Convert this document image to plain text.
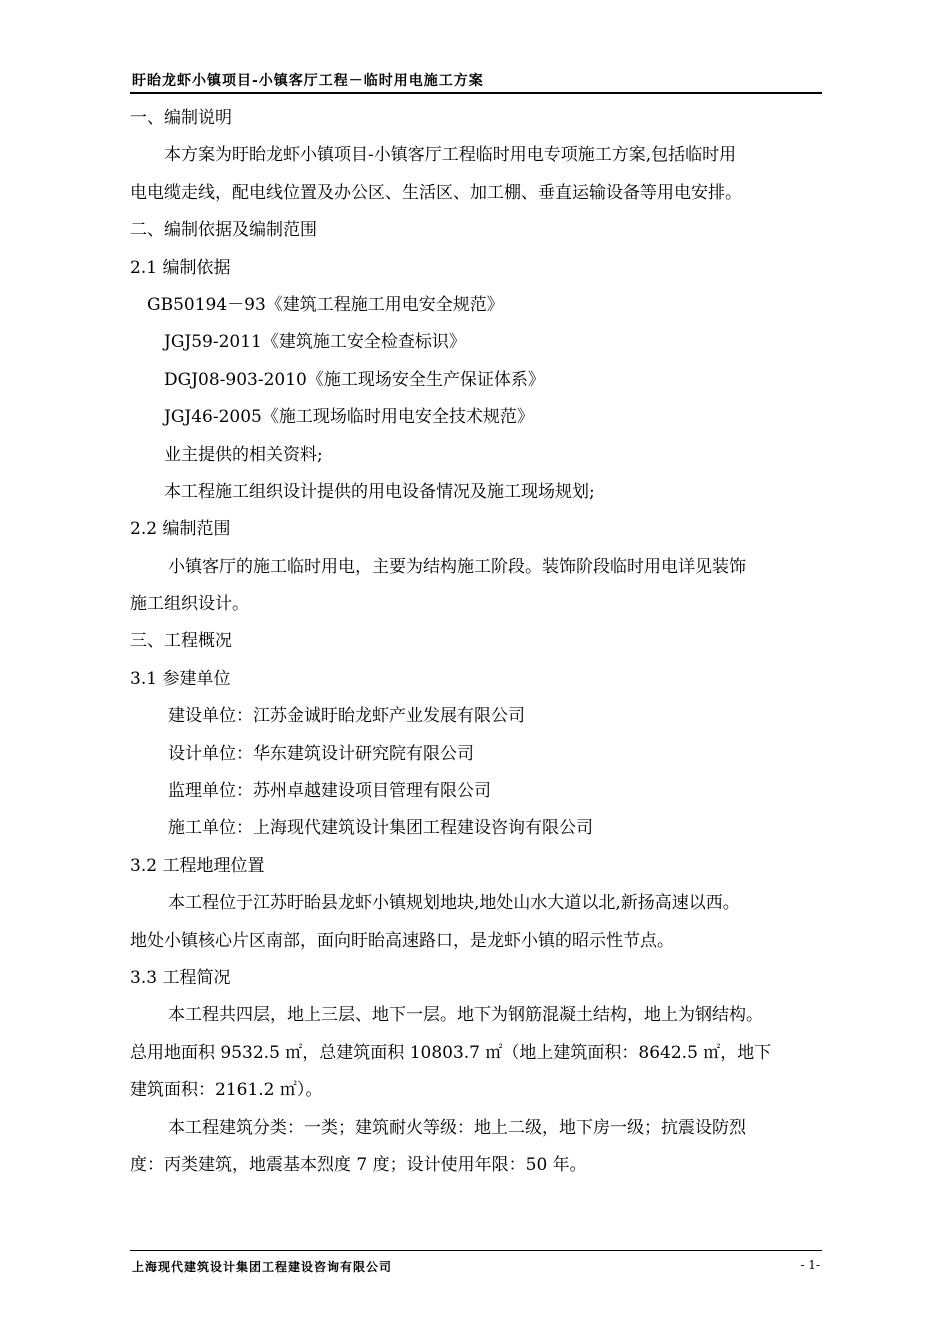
盱眙龙虾小镇项目-小镇客厅工程－临时用电施工方案
一、编制说明
本方案为盱眙龙虾小镇项目-小镇客厅工程临时用电专项施工方案,包括临时用
电电缆走线，配电线位置及办公区、生活区、加工棚、垂直运输设备等用电安排。
二、编制依据及编制范围
2.1 编制依据
GB50194－93《建筑工程施工用电安全规范》
JGJ59-2011《建筑施工安全检查标识》
DGJ08-903-2010《施工现场安全生产保证体系》
JGJ46-2005《施工现场临时用电安全技术规范》
业主提供的相关资料;
本工程施工组织设计提供的用电设备情况及施工现场规划;
2.2 编制范围
小镇客厅的施工临时用电，主要为结构施工阶段。装饰阶段临时用电详见装饰
施工组织设计。
三、工程概况
3.1 参建单位
建设单位：江苏金诚盱眙龙虾产业发展有限公司
设计单位：华东建筑设计研究院有限公司
监理单位：苏州卓越建设项目管理有限公司
施工单位：上海现代建筑设计集团工程建设咨询有限公司
3.2 工程地理位置
本工程位于江苏盱眙县龙虾小镇规划地块,地处山水大道以北,新扬高速以西。
地处小镇核心片区南部，面向盱眙高速路口，是龙虾小镇的昭示性节点。
3.3 工程简况
本工程共四层，地上三层、地下一层。地下为钢筋混凝土结构，地上为钢结构。
总用地面积 9532.5 ㎡，总建筑面积 10803.7 ㎡（地上建筑面积：8642.5 ㎡，地下
建筑面积：2161.2 ㎡）。
本工程建筑分类：一类；建筑耐火等级：地上二级，地下房一级；抗震设防烈
度：丙类建筑，地震基本烈度 7 度；设计使用年限：50 年。
上海现代建筑设计集团工程建设咨询有限公司	- 1-
